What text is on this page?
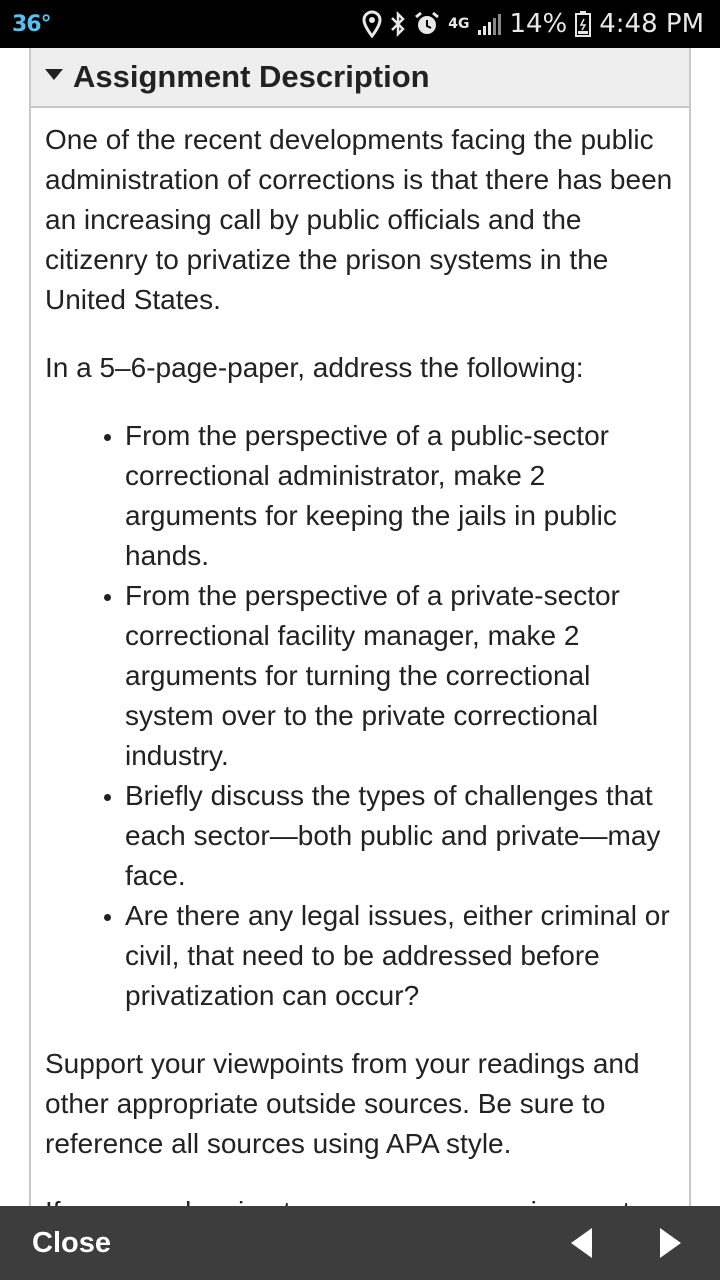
36°	4G 14% 4:48 PM
Assignment Description

One of the recent developments facing the public administration of corrections is that there has been an increasing call by public officials and the citizenry to privatize the prison systems in the United States.

In a 5–6-page-paper, address the following:

• From the perspective of a public-sector correctional administrator, make 2 arguments for keeping the jails in public hands.
• From the perspective of a private-sector correctional facility manager, make 2 arguments for turning the correctional system over to the private correctional industry.
• Briefly discuss the types of challenges that each sector—both public and private—may face.
• Are there any legal issues, either criminal or civil, that need to be addressed before privatization can occur?

Support your viewpoints from your readings and other appropriate outside sources. Be sure to reference all sources using APA style.

Close
